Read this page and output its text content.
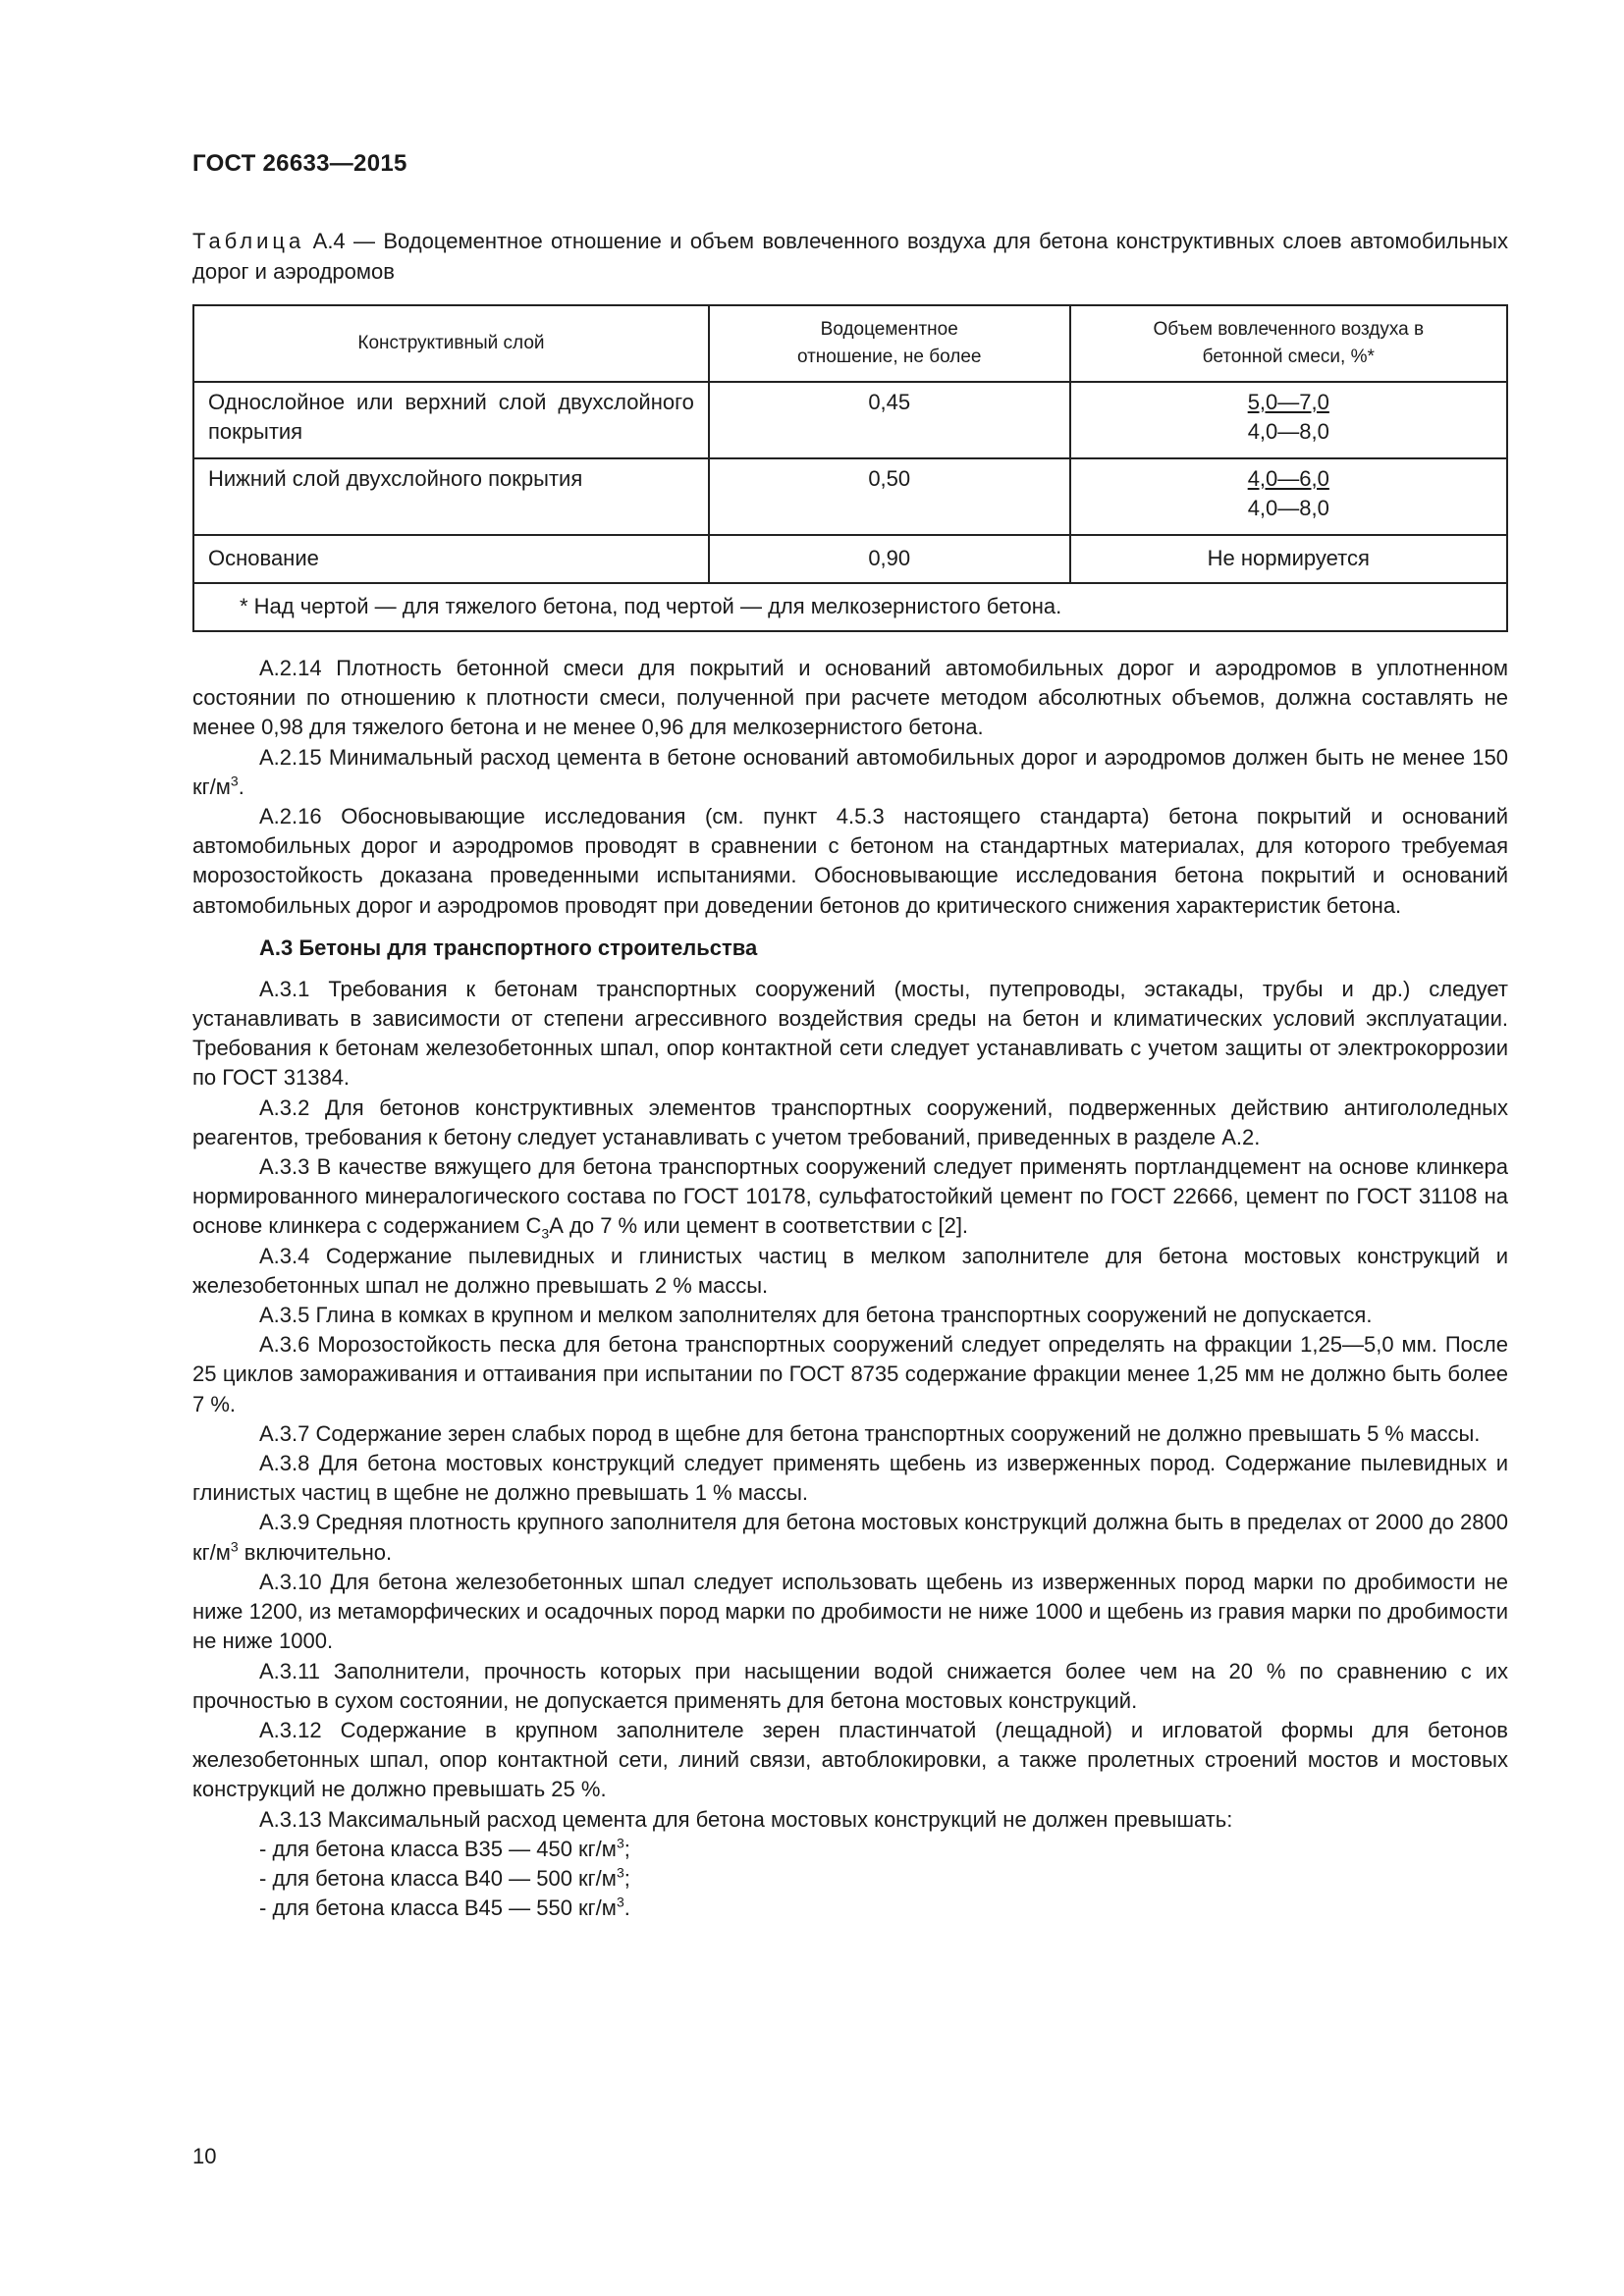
ГОСТ 26633—2015
Таблица А.4 — Водоцементное отношение и объем вовлеченного воздуха для бетона конструктивных слоев автомобильных дорог и аэродромов
Конструктивный слой	Водоцементное отношение, не более	Объем вовлеченного воздуха в бетонной смеси, %*
Однослойное или верхний слой двухслойного покрытия	0,45	5,0—7,0
4,0—8,0
Нижний слой двухслойного покрытия	0,50	4,0—6,0
4,0—8,0
Основание	0,90	Не нормируется
* Над чертой — для тяжелого бетона, под чертой — для мелкозернистого бетона.		

А.2.14 Плотность бетонной смеси для покрытий и оснований автомобильных дорог и аэродромов в уплотненном состоянии по отношению к плотности смеси, полученной при расчете методом абсолютных объемов, должна составлять не менее 0,98 для тяжелого бетона и не менее 0,96 для мелкозернистого бетона.

А.2.15 Минимальный расход цемента в бетоне оснований автомобильных дорог и аэродромов должен быть не менее 150 $кг/м^3$.

А.2.16 Обосновывающие исследования (см. пункт 4.5.3 настоящего стандарта) бетона покрытий и оснований автомобильных дорог и аэродромов проводят в сравнении с бетоном на стандартных материалах, для которого требуемая морозостойкость доказана проведенными испытаниями. Обосновывающие исследования бетона покрытий и оснований автомобильных дорог и аэродромов проводят при доведении бетонов до критического снижения характеристик бетона.

А.3 Бетоны для транспортного строительства

А.3.1 Требования к бетонам транспортных сооружений (мосты, путепроводы, эстакады, трубы и др.) следует устанавливать в зависимости от степени агрессивного воздействия среды на бетон и климатических условий эксплуатации. Требования к бетонам железобетонных шпал, опор контактной сети следует устанавливать с учетом защиты от электрокоррозии по ГОСТ 31384.

А.3.2 Для бетонов конструктивных элементов транспортных сооружений, подверженных действию антигололедных реагентов, требования к бетону следует устанавливать с учетом требований, приведенных в разделе А.2.

А.3.3 В качестве вяжущего для бетона транспортных сооружений следует применять портландцемент на основе клинкера нормированного минералогического состава по ГОСТ 10178, сульфатостойкий цемент по ГОСТ 22666, цемент по ГОСТ 31108 на основе клинкера с содержанием $С_3А$ до 7 % или цемент в соответствии с [2].

А.3.4 Содержание пылевидных и глинистых частиц в мелком заполнителе для бетона мостовых конструкций и железобетонных шпал не должно превышать 2 % массы.

А.3.5 Глина в комках в крупном и мелком заполнителях для бетона транспортных сооружений не допускается.

А.3.6 Морозостойкость песка для бетона транспортных сооружений следует определять на фракции 1,25—5,0 мм. После 25 циклов замораживания и оттаивания при испытании по ГОСТ 8735 содержание фракции менее 1,25 мм не должно быть более 7 %.

А.3.7 Содержание зерен слабых пород в щебне для бетона транспортных сооружений не должно превышать 5 % массы.

А.3.8 Для бетона мостовых конструкций следует применять щебень из изверженных пород. Содержание пылевидных и глинистых частиц в щебне не должно превышать 1 % массы.

А.3.9 Средняя плотность крупного заполнителя для бетона мостовых конструкций должна быть в пределах от 2000 до 2800 $кг/м^3$ включительно.

А.3.10 Для бетона железобетонных шпал следует использовать щебень из изверженных пород марки по дробимости не ниже 1200, из метаморфических и осадочных пород марки по дробимости не ниже 1000 и щебень из гравия марки по дробимости не ниже 1000.

А.3.11 Заполнители, прочность которых при насыщении водой снижается более чем на 20 % по сравнению с их прочностью в сухом состоянии, не допускается применять для бетона мостовых конструкций.

А.3.12 Содержание в крупном заполнителе зерен пластинчатой (лещадной) и игловатой формы для бетонов железобетонных шпал, опор контактной сети, линий связи, автоблокировки, а также пролетных строений мостов и мостовых конструкций не должно превышать 25 %.

А.3.13 Максимальный расход цемента для бетона мостовых конструкций не должен превышать:

- для бетона класса В35 — 450 $кг/м^3$;

- для бетона класса В40 — 500 $кг/м^3$;

- для бетона класса В45 — 550 $кг/м^3$.

10
